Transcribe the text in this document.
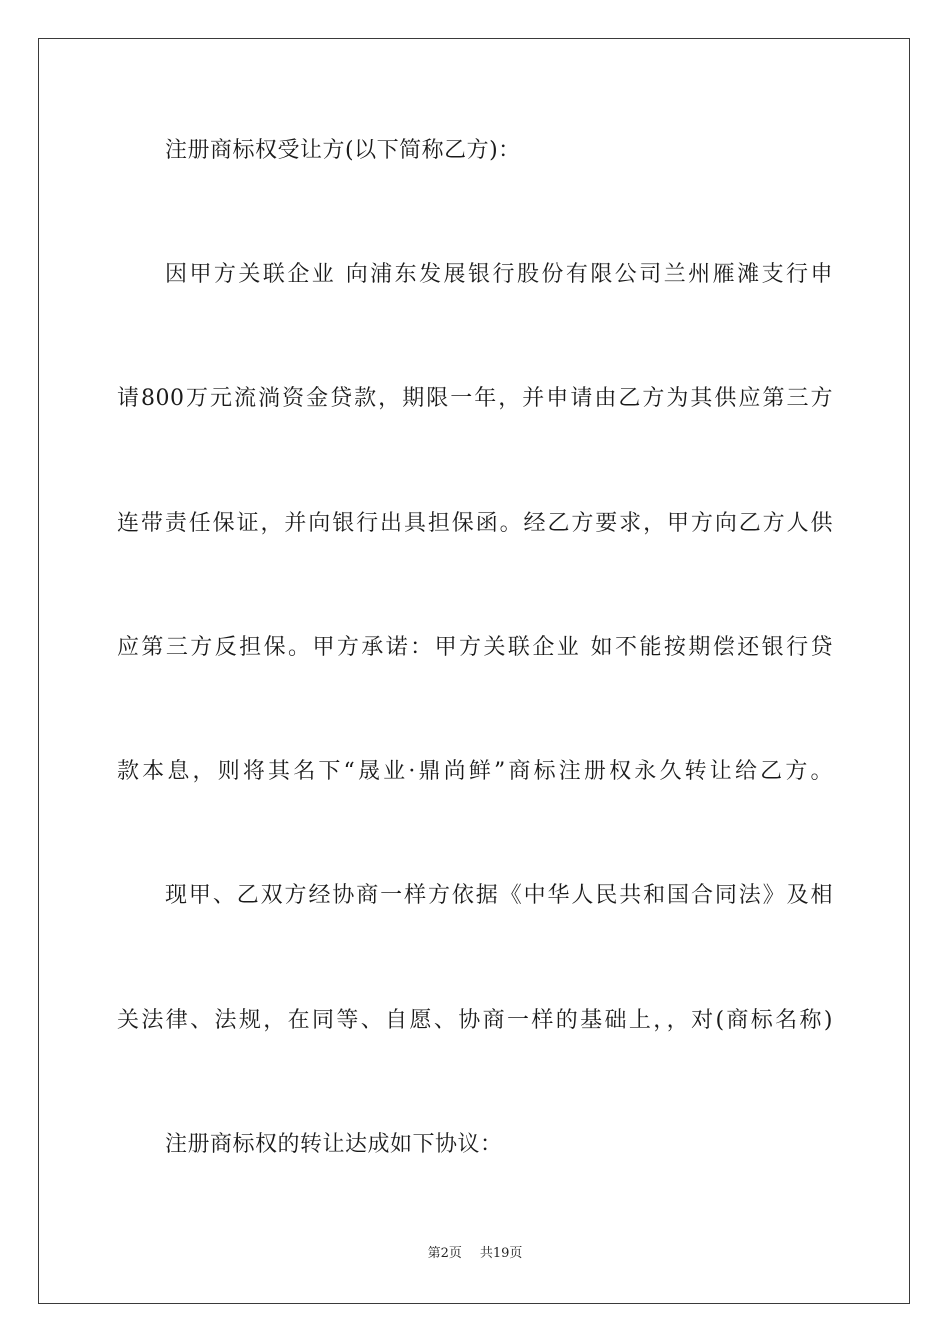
注册商标权受让方(以下简称乙方)：
因甲方关联企业 向浦东发展银行股份有限公司兰州雁滩支行申
请800万元流淌资金贷款，期限一年，并申请由乙方为其供应第三方
连带责任保证，并向银行出具担保函。经乙方要求，甲方向乙方人供
应第三方反担保。甲方承诺：甲方关联企业 如不能按期偿还银行贷
款本息，则将其名下“晟业·鼎尚鲜”商标注册权永久转让给乙方。
现甲、乙双方经协商一样方依据《中华人民共和国合同法》及相
关法律、法规，在同等、自愿、协商一样的基础上，，对(商标名称)
注册商标权的转让达成如下协议：
第2页 共19页
